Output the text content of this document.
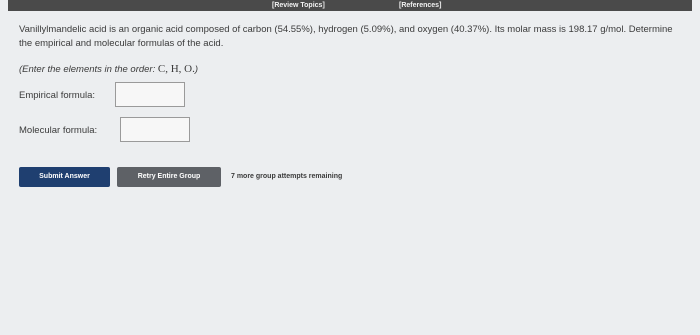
[Review Topics]	[References]
Vanillylmandelic acid is an organic acid composed of carbon (54.55%), hydrogen (5.09%), and oxygen (40.37%). Its molar mass is 198.17 g/mol. Determine the empirical and molecular formulas of the acid.
(Enter the elements in the order: C, H, O.)
Empirical formula:
Molecular formula:
Submit Answer	Retry Entire Group	7 more group attempts remaining
